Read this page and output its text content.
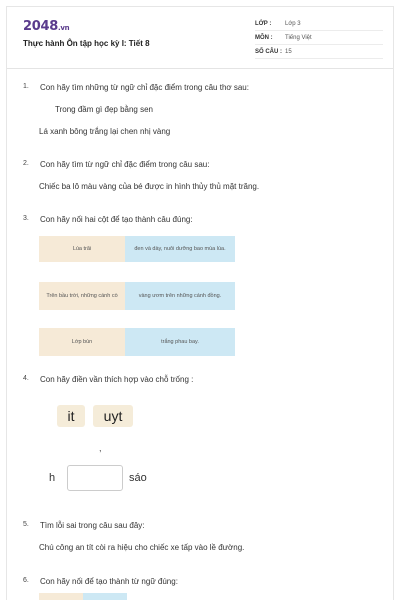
2048.vn
Thực hành Ôn tập học kỳ I: Tiết 8
LỚP : Lớp 3
MÔN : Tiếng Việt
SỐ CÂU : 15
1. Con hãy tìm những từ ngữ chỉ đặc điểm trong câu thơ sau:
Trong đầm gì đẹp bằng sen
Lá xanh bông trắng lại chen nhị vàng
2. Con hãy tìm từ ngữ chỉ đặc điểm trong câu sau:
Chiếc ba lô màu vàng của bé được in hình thủy thủ mặt trăng.
3. Con hãy nối hai cột để tạo thành câu đúng:
Lúa trãi	đen và dày, nuôi dưỡng bao mùa lúa.
Trên bầu trời, những cánh cò	vàng ươm trên những cánh đồng.
Lớp bùn	trắng phau bay.
4. Con hãy điền vần thích hợp vào chỗ trống :
it	uyt
,
h	sáo
5. Tìm lỗi sai trong câu sau đây:
Chú công an tít còi ra hiệu cho chiếc xe tấp vào lề đường.
6. Con hãy nối để tạo thành từ ngữ đúng:
